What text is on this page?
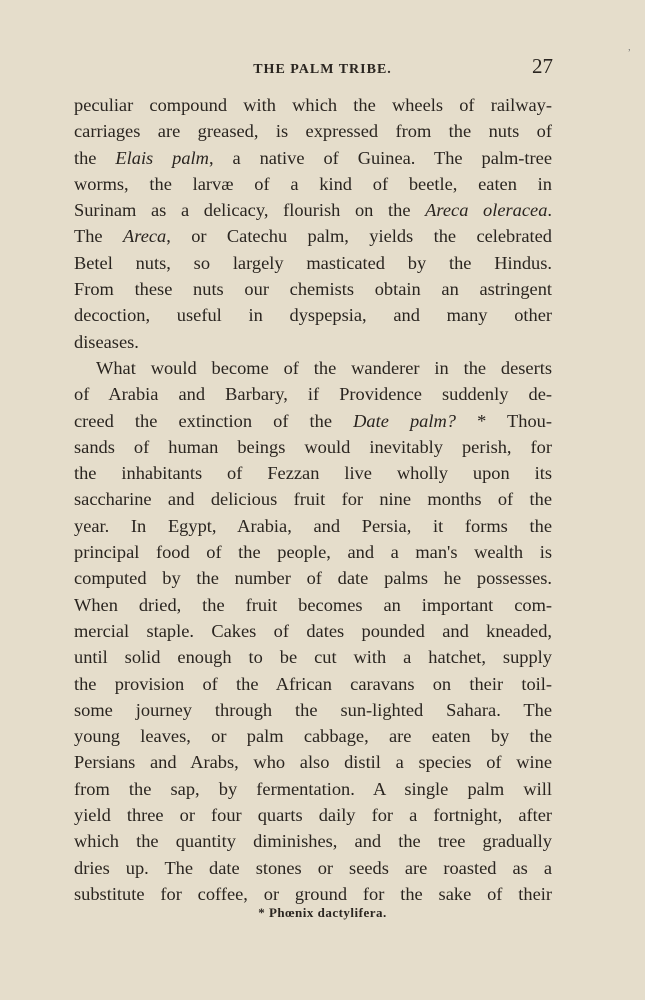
THE PALM TRIBE.	27
’
peculiar compound with which the wheels of railway-
carriages are greased, is expressed from the nuts of
the Elais palm, a native of Guinea. The palm-tree
worms, the larvæ of a kind of beetle, eaten in
Surinam as a delicacy, flourish on the Areca oleracea.
The Areca, or Catechu palm, yields the celebrated
Betel nuts, so largely masticated by the Hindus.
From these nuts our chemists obtain an astringent
decoction, useful in dyspepsia, and many other
diseases.
What would become of the wanderer in the deserts
of Arabia and Barbary, if Providence suddenly de-
creed the extinction of the Date palm? * Thou-
sands of human beings would inevitably perish, for
the inhabitants of Fezzan live wholly upon its
saccharine and delicious fruit for nine months of the
year. In Egypt, Arabia, and Persia, it forms the
principal food of the people, and a man's wealth is
computed by the number of date palms he possesses.
When dried, the fruit becomes an important com-
mercial staple. Cakes of dates pounded and kneaded,
until solid enough to be cut with a hatchet, supply
the provision of the African caravans on their toil-
some journey through the sun-lighted Sahara. The
young leaves, or palm cabbage, are eaten by the
Persians and Arabs, who also distil a species of wine
from the sap, by fermentation. A single palm will
yield three or four quarts daily for a fortnight, after
which the quantity diminishes, and the tree gradually
dries up. The date stones or seeds are roasted as a
substitute for coffee, or ground for the sake of their
* Phœnix dactylifera.
